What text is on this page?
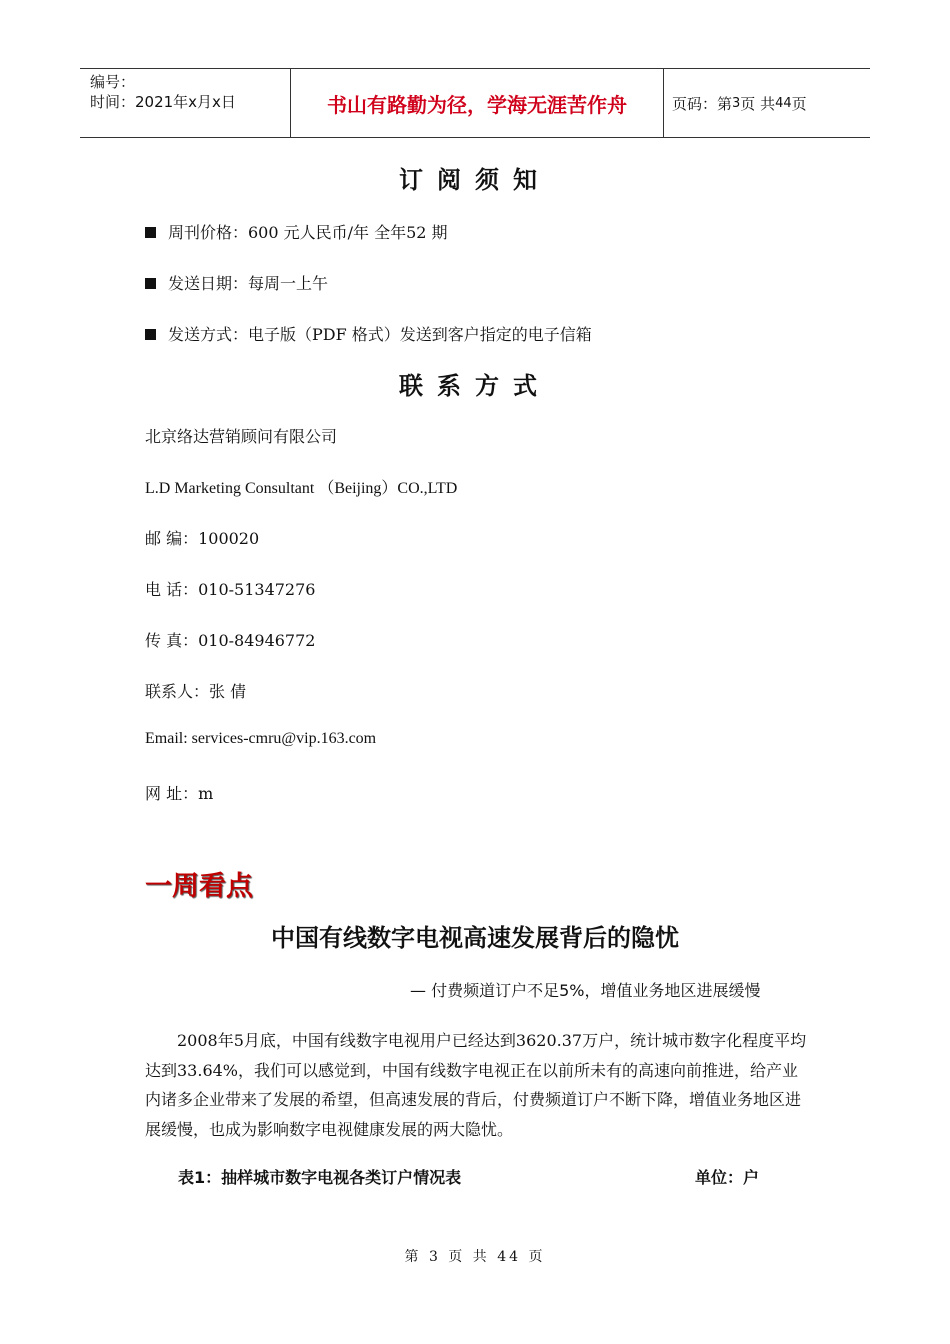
编号：
时间：2021年x月x日	书山有路勤为径，学海无涯苦作舟	页码：第 3 页 共 44 页
订阅须知
周刊价格：600 元人民币/年 全年52 期
发送日期：每周一上午
发送方式：电子版（PDF 格式）发送到客户指定的电子信箱
联系方式
北京络达营销顾问有限公司
L.D Marketing Consultant （Beijing）CO.,LTD
邮 编：100020
电 话：010-51347276
传 真：010-84946772
联系人：张 倩
Email: services-cmru@vip.163.com
网 址：m
一周看点
中国有线数字电视高速发展背后的隐忧
— 付费频道订户不足5%，增值业务地区进展缓慢
2008年5月底，中国有线数字电视用户已经达到3620.37万户，统计城市数字化程度平均达到33.64%，我们可以感觉到，中国有线数字电视正在以前所未有的高速向前推进，给产业内诸多企业带来了发展的希望，但高速发展的背后，付费频道订户不断下降，增值业务地区进展缓慢，也成为影响数字电视健康发展的两大隐忧。
表1：抽样城市数字电视各类订户情况表	单位：户
第 3 页 共 44 页
